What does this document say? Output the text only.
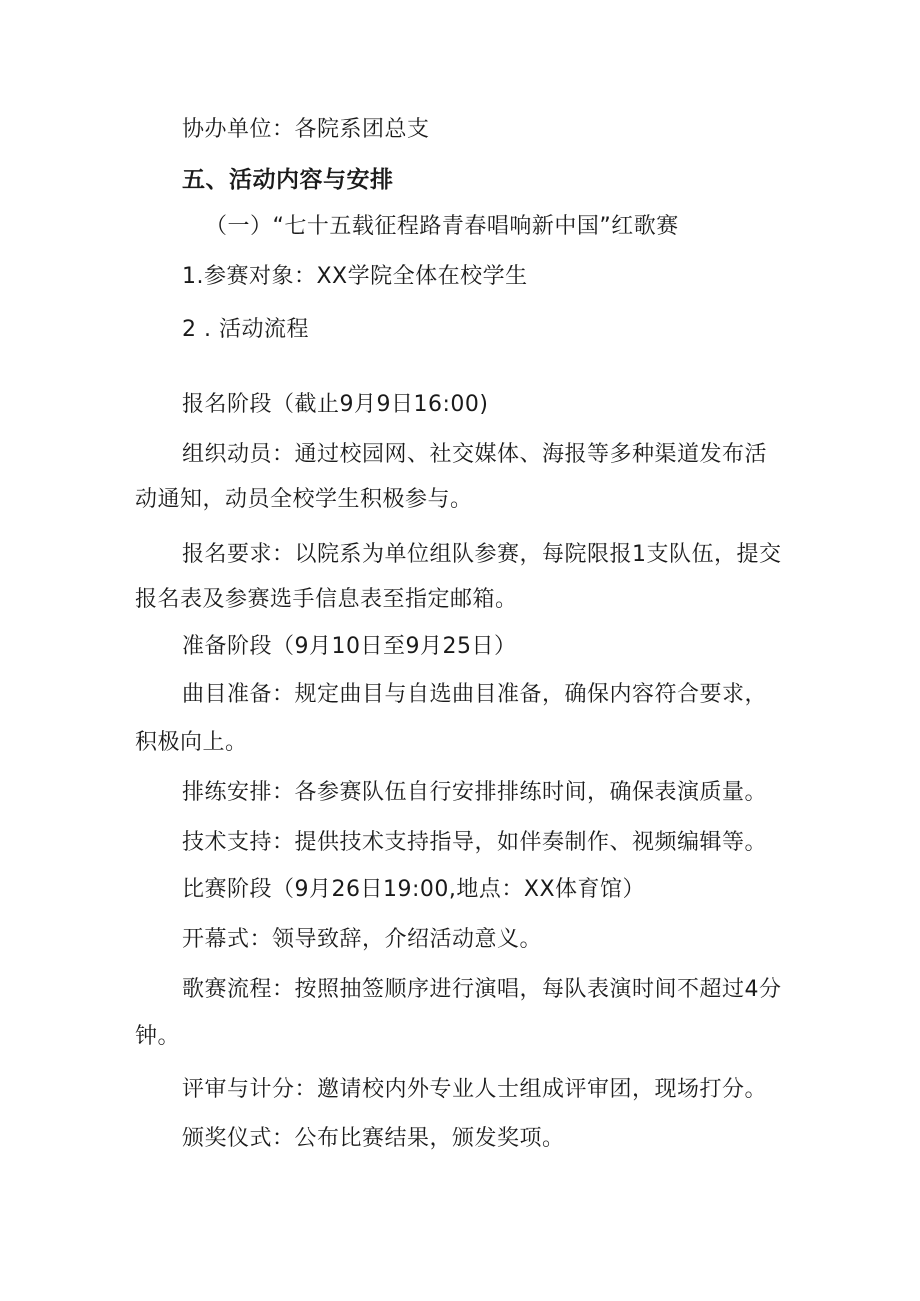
协办单位：各院系团总支
五、活动内容与安排
（一）“七十五载征程路青春唱响新中国”红歌赛
1.参赛对象：XX学院全体在校学生
2 . 活动流程
报名阶段（截止9月9日16:00)
组织动员：通过校园网、社交媒体、海报等多种渠道发布活
动通知，动员全校学生积极参与。
报名要求：以院系为单位组队参赛，每院限报1支队伍，提交
报名表及参赛选手信息表至指定邮箱。
准备阶段（9月10日至9月25日）
曲目准备：规定曲目与自选曲目准备，确保内容符合要求，
积极向上。
排练安排：各参赛队伍自行安排排练时间，确保表演质量。
技术支持：提供技术支持指导，如伴奏制作、视频编辑等。
比赛阶段（9月26日19:00,地点：XX体育馆）
开幕式：领导致辞，介绍活动意义。
歌赛流程：按照抽签顺序进行演唱，每队表演时间不超过4分
钟。
评审与计分：邀请校内外专业人士组成评审团，现场打分。
颁奖仪式：公布比赛结果，颁发奖项。
